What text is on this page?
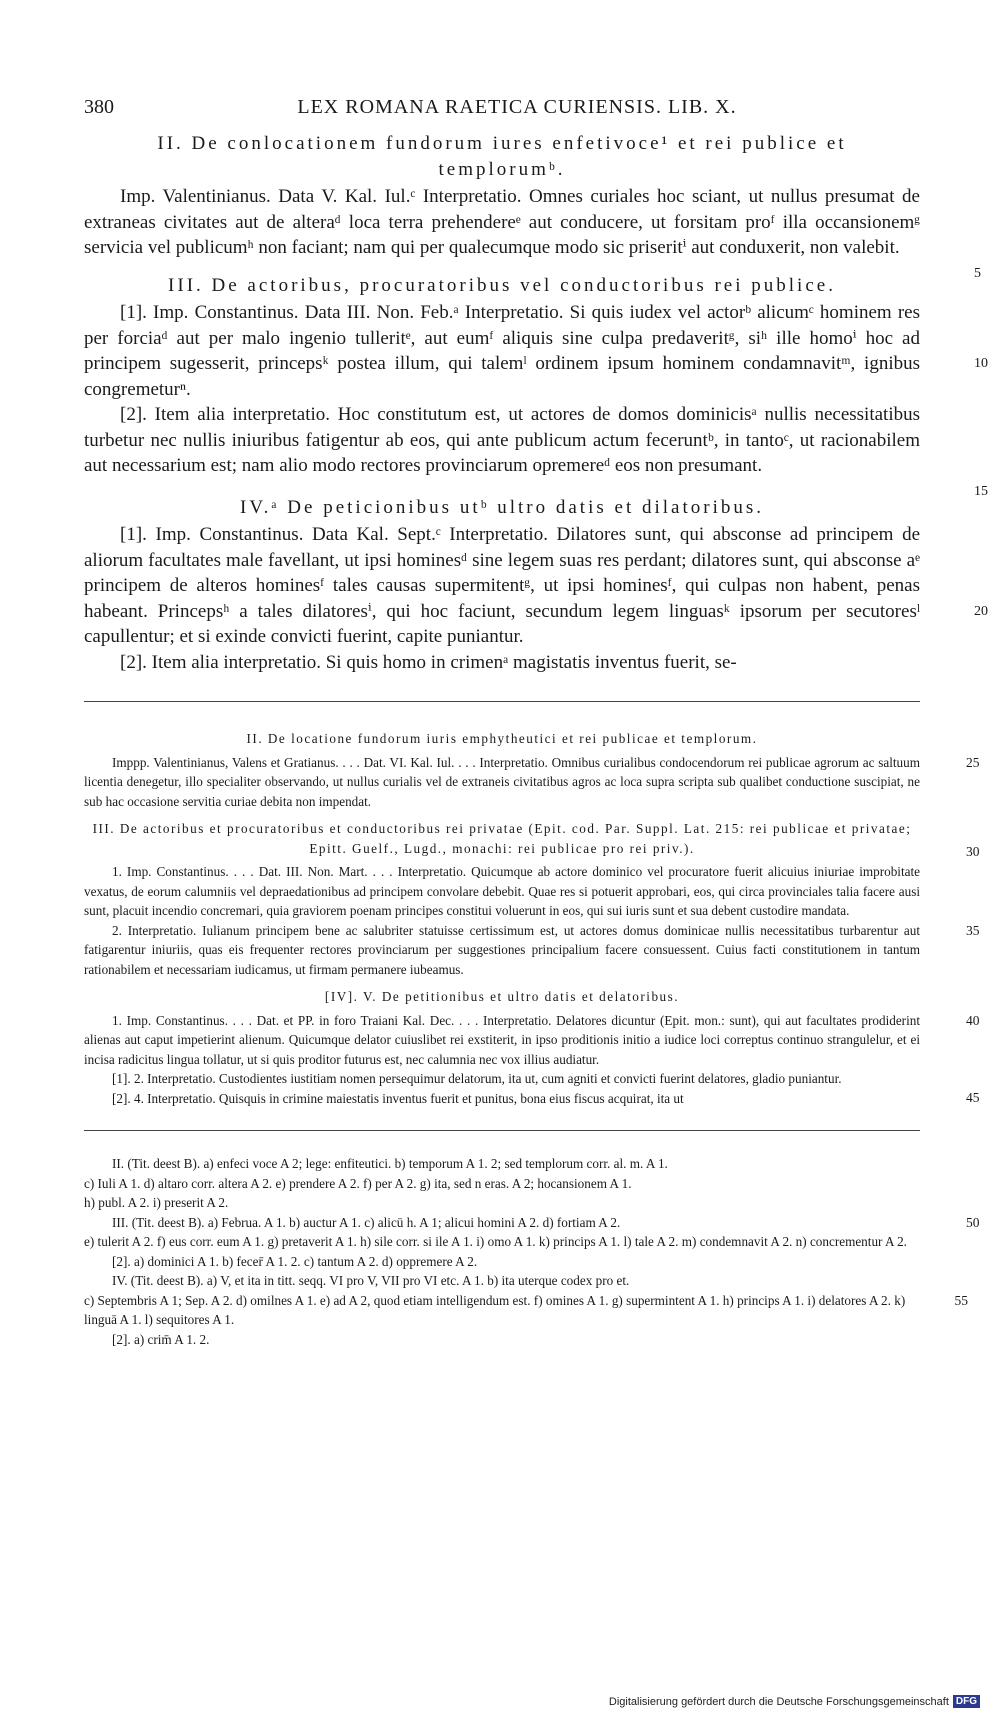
380	LEX ROMANA RAETICA CURIENSIS. LIB. X.
II. De conlocationem fundorum iures enfetivoce¹ et rei publice et
templorumᵇ.

Imp. Valentinianus. Data V. Kal. Iul.ᶜ Interpretatio. Omnes curiales hoc sciant, ut nullus presumat de extraneas civitates aut de alteraᵈ loca terra prehendereᵉ aut conducere, ut forsitam proᶠ illa occansionemᵍ servicia vel publicumʰ non faciant; nam qui per qualecumque modo sic priseritⁱ aut conduxerit, non valebit.
5

III. De actoribus, procuratoribus vel conductoribus rei publice.

[1]. Imp. Constantinus. Data III. Non. Feb.ᵃ Interpretatio. Si quis iudex vel actorᵇ alicumᶜ hominem res per forciaᵈ aut per malo ingenio tulleritᵉ, aut eumᶠ aliquis sine culpa predaveritᵍ, siʰ ille homoⁱ hoc ad principem sugesserit, princepsᵏ postea illum, qui talemˡ ordinem ipsum hominem condamnavitᵐ, ignibus congremeturⁿ.
10

[2]. Item alia interpretatio. Hoc constitutum est, ut actores de domos dominicisᵃ nullis necessitatibus turbetur nec nullis iniuribus fatigentur ab eos, qui ante publicum actum feceruntᵇ, in tantoᶜ, ut racionabilem aut necessarium est; nam alio modo rectores provinciarum opremereᵈ eos non presumant.
15

IV.ᵃ De peticionibus utᵇ ultro datis et dilatoribus.

[1]. Imp. Constantinus. Data Kal. Sept.ᶜ Interpretatio. Dilatores sunt, qui absconse ad principem de aliorum facultates male favellant, ut ipsi hominesᵈ sine legem suas res perdant; dilatores sunt, qui absconse aᵉ principem de alteros hominesᶠ tales causas supermitentᵍ, ut ipsi hominesᶠ, qui culpas non habent, penas habeant. Princepsʰ a tales dilatoresⁱ, qui hoc faciunt, secundum legem linguasᵏ ipsorum per secutoresˡ capullentur; et si exinde convicti fuerint, capite puniantur.
20

[2]. Item alia interpretatio. Si quis homo in crimenᵃ magistatis inventus fuerit, se-

II. De locatione fundorum iuris emphytheutici et rei publicae et templorum.

Imppp. Valentinianus, Valens et Gratianus. . . . Dat. VI. Kal. Iul. . . . Interpretatio. Omnibus curialibus condocendorum rei publicae agrorum ac saltuum licentia denegetur, illo specialiter observando, ut nullus curialis vel de extraneis civitatibus agros ac loca supra scripta sub qualibet conductione suscipiat, ne sub hac occasione servitia curiae debita non impendat.
25

III. De actoribus et procuratoribus et conductoribus rei privatae (Epit. cod. Par. Suppl. Lat. 215: rei publicae et privatae; Epitt. Guelf., Lugd., monachi: rei publicae pro rei priv.).

1. Imp. Constantinus. . . . Dat. III. Non. Mart. . . . Interpretatio. Quicumque ab actore dominico vel procuratore fuerit alicuius iniuriae improbitate vexatus, de eorum calumniis vel depraedationibus ad principem convolare debebit. Quae res si potuerit approbari, eos, qui circa provinciales talia facere ausi sunt, placuit incendio concremari, quia graviorem poenam principes constitui voluerunt in eos, qui sui iuris sunt et sua debent custodire mandata.
30

2. Interpretatio. Iulianum principem bene ac salubriter statuisse certissimum est, ut actores domus dominicae nullis necessitatibus turbarentur aut fatigarentur iniuriis, quas eis frequenter rectores provinciarum per suggestiones principalium facere consuessent. Cuius facti constitutionem in tantum rationabilem et necessariam iudicamus, ut firmam permanere iubeamus.
35

[IV]. V. De petitionibus et ultro datis et delatoribus.

1. Imp. Constantinus. . . . Dat. et PP. in foro Traiani Kal. Dec. . . . Interpretatio. Delatores dicuntur (Epit. mon.: sunt), qui aut facultates prodiderint alienas aut caput impetierint alienum. Quicumque delator cuiuslibet rei exstiterit, in ipso proditionis initio a iudice loci correptus continuo strangulelur, et ei incisa radicitus lingua tollatur, ut si quis proditor futurus est, nec calumnia nec vox illius audiatur.
40

[1]. 2. Interpretatio. Custodientes iustitiam nomen persequimur delatorum, ita ut, cum agniti et convicti fuerint delatores, gladio puniantur.
45

[2]. 4. Interpretatio. Quisquis in crimine maiestatis inventus fuerit et punitus, bona eius fiscus acquirat, ita ut

II. (Tit. deest B). a) enfeci voce A 2; lege: enfiteutici. b) temporum A 1. 2; sed templorum corr. al. m. A 1.

c) Iuli A 1. d) altaro corr. altera A 2. e) prendere A 2. f) per A 2. g) ita, sed n eras. A 2; hocansionem A 1.

h) publ. A 2. i) preserit A 2.

III. (Tit. deest B). a) Februa. A 1. b) auctur A 1. c) alicū h. A 1; alicui homini A 2. d) fortiam A 2.	50

e) tulerit A 2. f) eus corr. eum A 1. g) pretaverit A 1. h) sile corr. si ile A 1. i) omo A 1. k) princips A 1. l) tale A 2. m) condemnavit A 2. n) concrementur A 2.

[2]. a) dominici A 1. b) fecer̄ A 1. 2. c) tantum A 2. d) oppremere A 2.

IV. (Tit. deest B). a) V, et ita in titt. seqq. VI pro V, VII pro VI etc. A 1. b) ita uterque codex pro et.

c) Septembris A 1; Sep. A 2. d) omilnes A 1. e) ad A 2, quod etiam intelligendum est. f) omines A 1. g) supermintent A 1. h) princips A 1. i) delatores A 2. k) linguā A 1. l) sequitores A 1.
55

[2]. a) crim̄ A 1. 2.

Digitalisierung gefördert durch die Deutsche Forschungsgemeinschaft DFG
